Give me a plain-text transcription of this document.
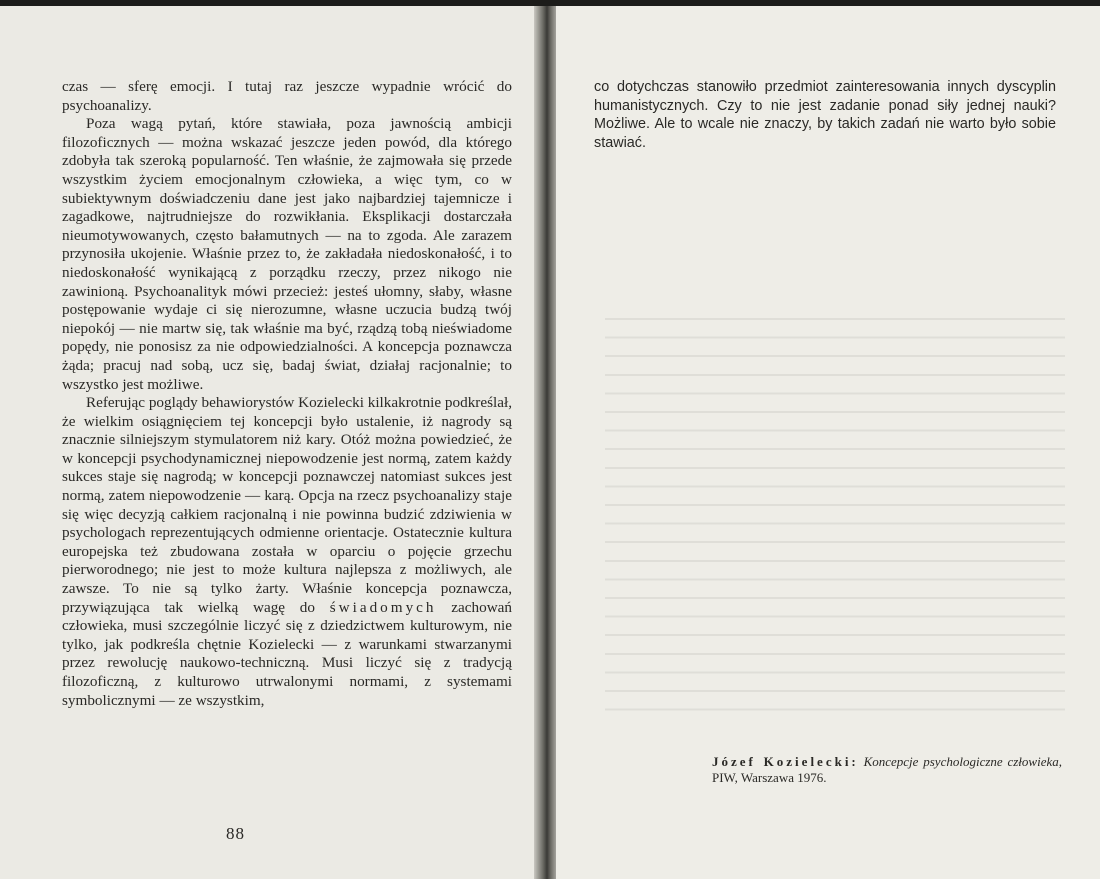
czas — sferę emocji. I tutaj raz jeszcze wypadnie wrócić do psychoanalizy.

Poza wagą pytań, które stawiała, poza jawnością ambicji filozoficznych — można wskazać jeszcze jeden powód, dla którego zdobyła tak szeroką popularność. Ten właśnie, że zajmowała się przede wszystkim życiem emocjonalnym człowieka, a więc tym, co w subiektywnym doświadczeniu dane jest jako najbardziej tajemnicze i zagadkowe, najtrudniejsze do rozwikłania. Eksplikacji dostarczała nieumotywowanych, często bałamutnych — na to zgoda. Ale zarazem przynosiła ukojenie. Właśnie przez to, że zakładała niedoskonałość, i to niedoskonałość wynikającą z porządku rzeczy, przez nikogo nie zawinioną. Psychoanalityk mówi przecież: jesteś ułomny, słaby, własne postępowanie wydaje ci się nierozumne, własne uczucia budzą twój niepokój — nie martw się, tak właśnie ma być, rządzą tobą nieświadome popędy, nie ponosisz za nie odpowiedzialności. A koncepcja poznawcza żąda; pracuj nad sobą, ucz się, badaj świat, działaj racjonalnie; to wszystko jest możliwe.

Referując poglądy behawiorystów Kozielecki kilkakrotnie podkreślał, że wielkim osiągnięciem tej koncepcji było ustalenie, iż nagrody są znacznie silniejszym stymulatorem niż kary. Otóż można powiedzieć, że w koncepcji psychodynamicznej niepowodzenie jest normą, zatem każdy sukces staje się nagrodą; w koncepcji poznawczej natomiast sukces jest normą, zatem niepowodzenie — karą. Opcja na rzecz psychoanalizy staje się więc decyzją całkiem racjonalną i nie powinna budzić zdziwienia w psychologach reprezentujących odmienne orientacje. Ostatecznie kultura europejska też zbudowana została w oparciu o pojęcie grzechu pierworodnego; nie jest to może kultura najlepsza z możliwych, ale zawsze. To nie są tylko żarty. Właśnie koncepcja poznawcza, przywiązująca tak wielką wagę do świadomych zachowań człowieka, musi szczególnie liczyć się z dziedzictwem kulturowym, nie tylko, jak podkreśla chętnie Kozielecki — z warunkami stwarzanymi przez rewolucję naukowo-techniczną. Musi liczyć się z tradycją filozoficzną, z kulturowo utrwalonymi normami, z systemami symbolicznymi — ze wszystkim,

88

co dotychczas stanowiło przedmiot zainteresowania innych dyscyplin humanistycznych. Czy to nie jest zadanie ponad siły jednej nauki? Możliwe. Ale to wcale nie znaczy, by takich zadań nie warto było sobie stawiać.

Józef Kozielecki: Koncepcje psychologiczne człowieka, PIW, Warszawa 1976.
